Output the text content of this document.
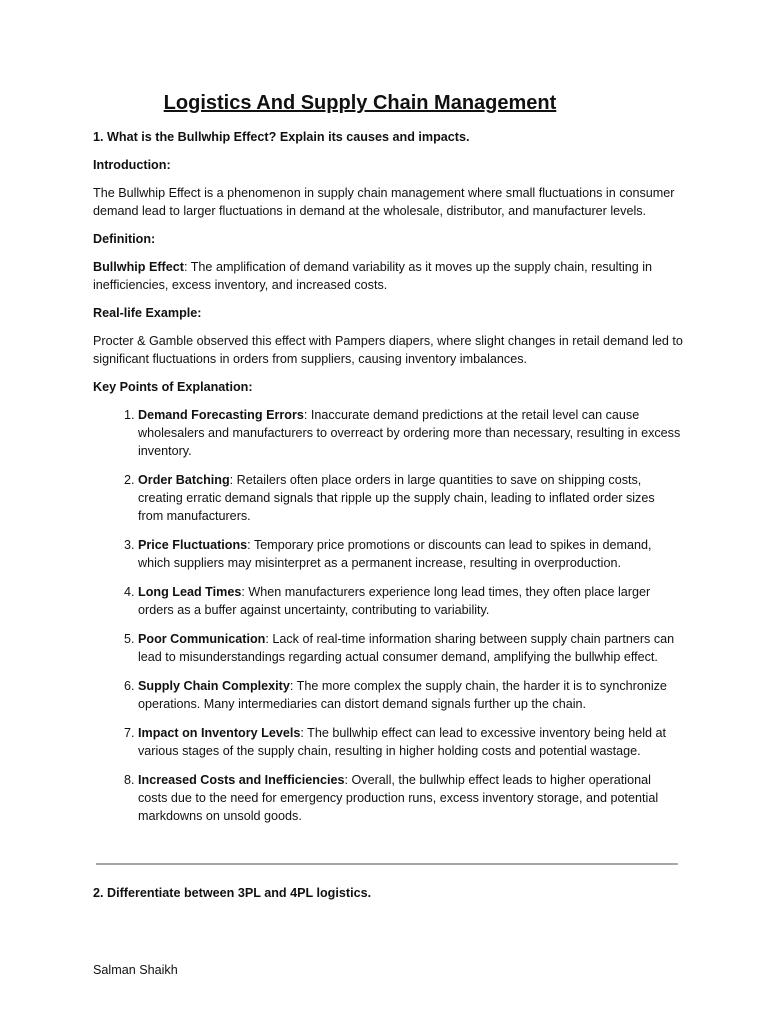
Logistics And Supply Chain Management

1. What is the Bullwhip Effect? Explain its causes and impacts.

Introduction:

The Bullwhip Effect is a phenomenon in supply chain management where small fluctuations in consumer demand lead to larger fluctuations in demand at the wholesale, distributor, and manufacturer levels.

Definition:

Bullwhip Effect: The amplification of demand variability as it moves up the supply chain, resulting in inefficiencies, excess inventory, and increased costs.

Real-life Example:

Procter & Gamble observed this effect with Pampers diapers, where slight changes in retail demand led to significant fluctuations in orders from suppliers, causing inventory imbalances.

Key Points of Explanation:

1. Demand Forecasting Errors: Inaccurate demand predictions at the retail level can cause wholesalers and manufacturers to overreact by ordering more than necessary, resulting in excess inventory.
2. Order Batching: Retailers often place orders in large quantities to save on shipping costs, creating erratic demand signals that ripple up the supply chain, leading to inflated order sizes from manufacturers.
3. Price Fluctuations: Temporary price promotions or discounts can lead to spikes in demand, which suppliers may misinterpret as a permanent increase, resulting in overproduction.
4. Long Lead Times: When manufacturers experience long lead times, they often place larger orders as a buffer against uncertainty, contributing to variability.
5. Poor Communication: Lack of real-time information sharing between supply chain partners can lead to misunderstandings regarding actual consumer demand, amplifying the bullwhip effect.
6. Supply Chain Complexity: The more complex the supply chain, the harder it is to synchronize operations. Many intermediaries can distort demand signals further up the chain.
7. Impact on Inventory Levels: The bullwhip effect can lead to excessive inventory being held at various stages of the supply chain, resulting in higher holding costs and potential wastage.
8. Increased Costs and Inefficiencies: Overall, the bullwhip effect leads to higher operational costs due to the need for emergency production runs, excess inventory storage, and potential markdowns on unsold goods.

2. Differentiate between 3PL and 4PL logistics.

Salman Shaikh
